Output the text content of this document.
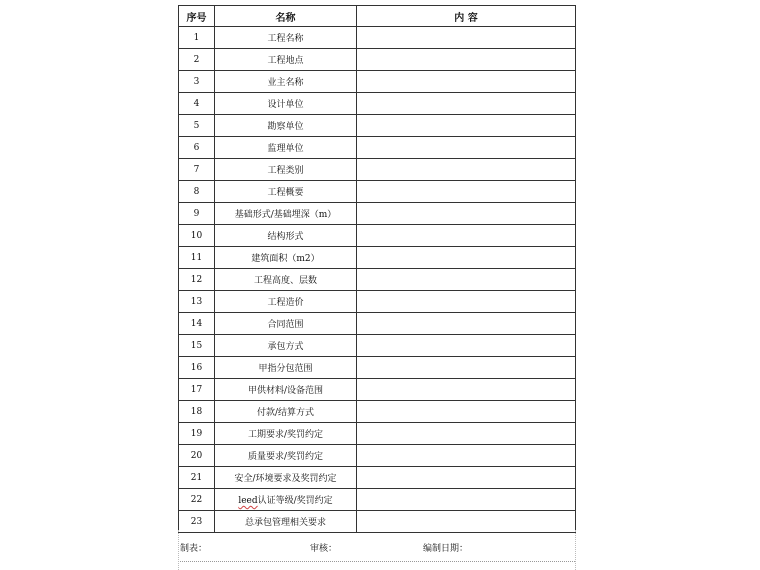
序号	名称	内 容
1	工程名称	
2	工程地点	
3	业主名称	
4	设计单位	
5	勘察单位	
6	监理单位	
7	工程类别	
8	工程概要	
9	基础形式/基础埋深（m）	
10	结构形式	
11	建筑面积（m2）	
12	工程高度、层数	
13	工程造价	
14	合同范围	
15	承包方式	
16	甲指分包范围	
17	甲供材料/设备范围	
18	付款/结算方式	
19	工期要求/奖罚约定	
20	质量要求/奖罚约定	
21	安全/环境要求及奖罚约定	
22	leed认证等级/奖罚约定	
23	总承包管理相关要求	
制表：	审核：	编制日期：
